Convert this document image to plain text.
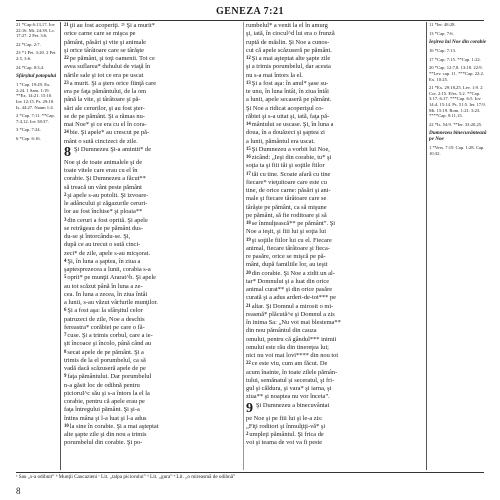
GENEZA 7:21
21 *Cap.6:13,17. Iov 22:16. Mt. 24:39. Lc. 17:27. 2 Pet. 3:6.
22 *Cap. 2:7.
23 *1 Pet. 3:20. 2 Pet. 2:5, 3:6.
24 *Cap. 8:3,4.
Sfârşitul potopului
1 *Cap. 19:29. Ex. 2:24. 1 Sam. 1:19. **Ex. 14:21. 15:10. Iov 12:15. Ps. 29:10. Is. 44:27. Naum 1:4.
2 *Cap. 7:11. **Cap. 7:4,12. Iov 38:37.
3 *Cap. 7:24.
6 *Cap. 6:16.
$^{21}$ţii au fost acoperiţi. ²¹ Şi a murit*
orice carne care se mişca pe
pământ, păsări şi vite şi animale
şi orice târâtoare care se târăşte
$^{22}$pe pământ, şi toţi oamenii. Tot ce
avea suflarea* duhului de viaţă în
nările sale şi tot ce era pe uscat
$^{23}$a murit. Şi a şters orice fiinţă care
era pe faţa pământului, de la om
până la vite, şi târâtoare şi pă-
sări ale cerurilor, şi au fost şter-
se de pe pământ. Şi a rămas nu-
mai Noe* şi ce era cu el în cora-
$^{24}$bie. Şi apele* au crescut pe pă-
mânt o sută cincizeci de zile.
8 Şi Dumnezeu Şi-a amintit* de
Noe şi de toate animalele şi de
toate vitele care erau cu el în
corabie. Şi Dumnezeu a făcut**
să treacă un vânt peste pământ
$^2$şi apele s-au potolit. Şi izvoare-
le adâncului şi zăgazurile ceruri-
lor au fost închise* şi ploaia**
$^3$din ceruri a fost oprită. Şi apele
se retrăgeau de pe pământ dus-
du-se şi întorcându-se. Şi,
după ce au trecut o sută cinci-
zeci* de zile, apele s-au micşorat.
$^4$Şi, în luna a şaptea, în ziua a
şaptesprezecea a lunii, corabia s-a
$^5$oprit* pe munţii Ararat^b. Şi apele
au tot scăzut până în luna a ze-
cea. În luna a zecea, în ziua întâi
a lunii, s-au văzut vârfurile munţilor.
$^6$Şi a fost aşa: la sfârşitul celor
patruzeci de zile, Noe a deschis
fereastra* corăbiei pe care o fă-
$^7$cuse. Şi a trimis corbul, care a ie-
şit încoace şi încolo, până când au
$^8$secat apele de pe pământ. Şi a
trimis de la el porumbelul, ca să
vadă dacă scăzuseră apele de pe
$^9$faţa pământului. Dar porumbelul
n-a găsit loc de odihnă pentru
picioruI^c său şi s-a întors la el la
corabie, pentru că apele erau pe
faţa întregului pământ. Şi şi-a
întins mâna şi l-a luat şi l-a adus
$^{10}$la sine în corabie. Şi a mai aşteptat
alte şapte zile şi din nou a trimis
porumbelul din corabie. Şi po-
rumbelul* a venit la el în amurg
şi, iată, în ciocul^d lui era o frunză
ruptă de măslin. Şi Noe a cunos-
cut că apele scăzuseră pe pământ.
$^{12}$Şi a mai aşteptat alte şapte zile
şi a trimis porumbelul, dar acesta
nu s-a mai întors la el.
$^{13}$Şi a fost aşa: în anul* şase su-
te unu, în luna întâi, în ziua întâi
a lunii, apele secaseră pe pământ.
Şi Noe a ridicat acoperişul co-
răbiei şi s-a uitat şi, iată, faţa pă-
$^{14}$mântului se uscase. Şi, în luna a
doua, în a douăzeci şi şaptea zi
a lunii, pământul era uscat.
$^{15}$Şi Dumnezeu a vorbit lui Noe,
$^{16}$zicând: „Ieşi din corabie, tu* şi
soţia ta şi fiii tăi şi soţiile fiilor
$^{17}$tăi cu tine. Scoate afară cu tine
fiecare* vieţuitoare care este cu
tine, de orice carne: păsări şi ani-
male şi fiecare târâtoare care se
târăşte pe pământ, ca să mişune
pe pământ, să fie roditoare şi să
$^{18}$se înmulţească** pe pământ”. Şi
Noe a ieşit, şi fiii lui şi soţia lui
$^{19}$şi soţiile fiilor lui cu el. Fiecare
animal, fiecare târâtoare şi fieca-
re pasăre, orice se mişcă pe pă-
mânt, după familiile lor, au ieşit
$^{20}$din corabie. Şi Noe a zidit un al-
tar* Domnului şi a luat din orice
animal curat** şi din orice pasăre
curată şi a adus arderi-de-tot*** pe
$^{21}$altar. Şi Domnul a mirosit o mi-
reasmă* plăcută^e şi Domnul a zis
în inima Sa: „Nu voi mai blestema**
din nou pământul din cauza
omului, pentru că gândul*** inimii
omului este rău din tinereţea lui;
nici nu voi mai lovi**** din nou tot
$^{22}$ce este viu, cum am făcut. De
acum înainte, în toate zilele pămân-
tului, semănatul şi seceratul, şi fri-
gul şi căldura, şi vara* şi iarna, şi
ziua** şi noaptea nu vor înceta”.
9 Şi Dumnezeu a binecuvântat
pe Noe şi pe fiii lui şi le-a zis:
„Fiţi roditori şi înmulţiţi-vă* şi
$^2$umpleţi pământul. Şi frica de
voi şi teama de voi va fi peste
11 *Ier. 48:28.
13 *Cap. 7:6.
Ieşirea lui Noe din corabie
16 *Cap. 7:13.
17 *Cap. 7:15. **Cap. 1:22.
20 *Cap. 12:7,8. 13:18. 22:9. **Lev. cap. 11. ***Cap. 22:2. Ex. 10:25.
21 *Ex. 29:18,25. Lev. 1:9. 2 Cor. 2:15. Efes. 5:2. **Cap. 3:17. 6:17. ***Cap. 6:5. Iov 14:4. 15:14. Ps. 51:5. Ier. 17:9. Mt. 15:19. Rom. 1:21. 3:23. ****Cap. 9:11,15.
22 *Is. 54:9. **Ier. 33:20,25.
Dumnezeu binecuvântează pe Noe
1 *Vers. 7:19. Cap. 1:28. Cap. 10:32.
ᵃ Sau „s-a odihnit” ᵇ Munţii Caucazieni ᶜ Lit. „talpa piciorului” ᵈ Lit. „gura” ᵉ Lit. „o mireasmă de odihnă”
8
